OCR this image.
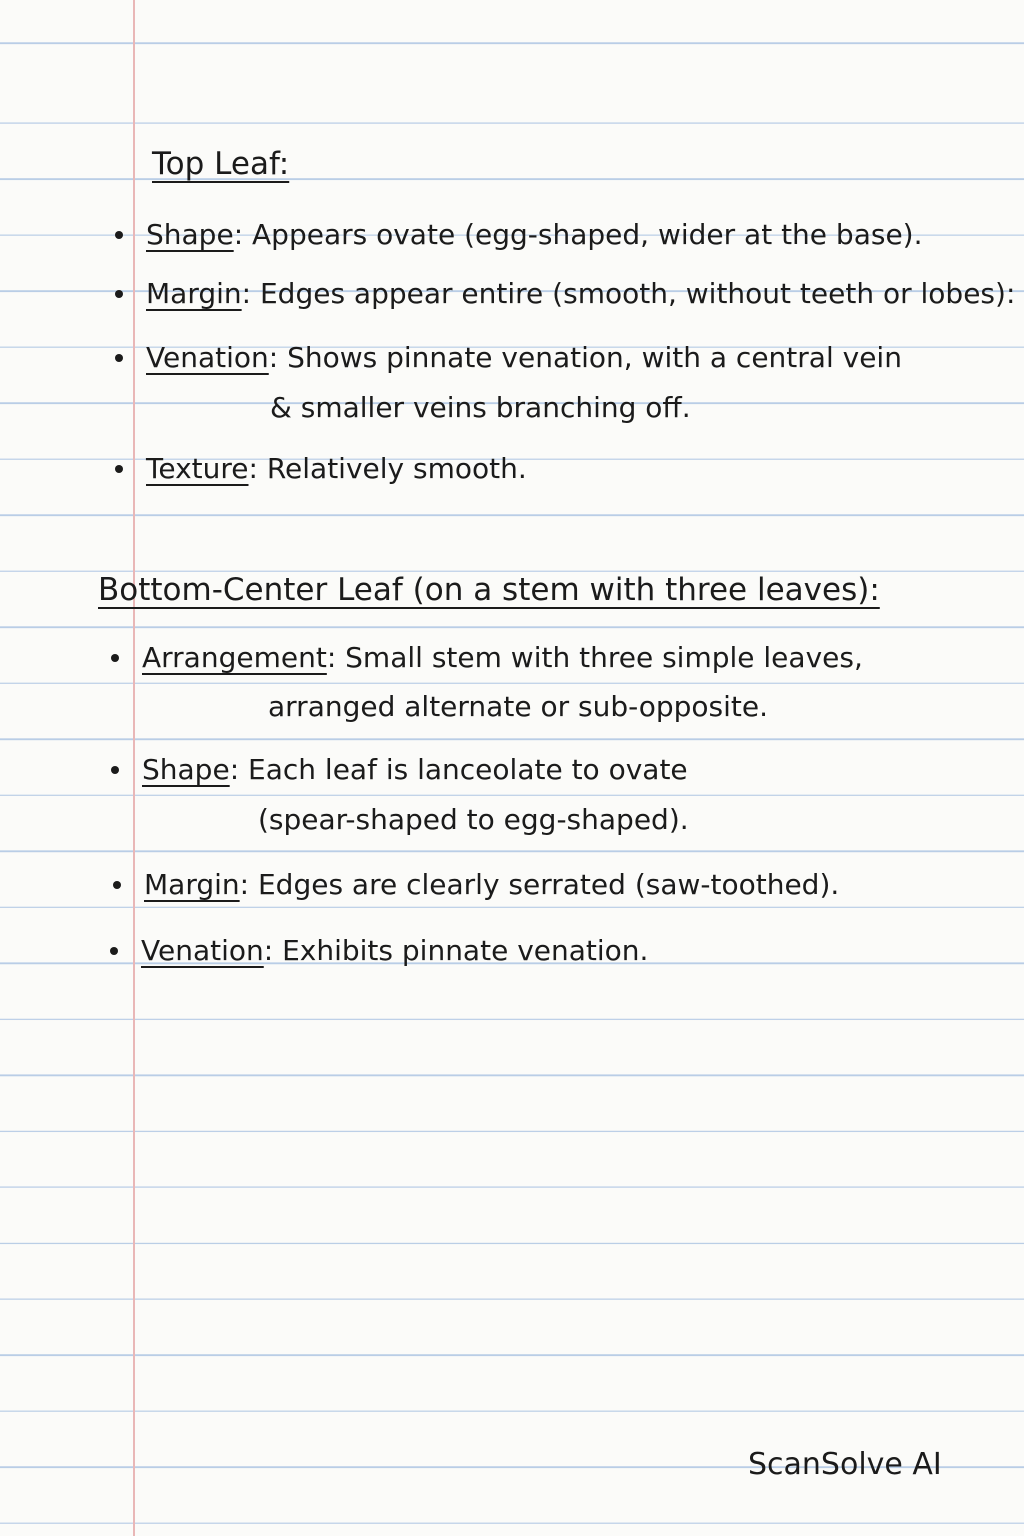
Top Leaf:
Shape: Appears ovate (egg-shaped, wider at the base).
Margin: Edges appear entire (smooth, without teeth or lobes):
Venation: Shows pinnate venation, with a central vein
& smaller veins branching off.
Texture: Relatively smooth.
Bottom-Center Leaf (on a stem with three leaves):
Arrangement: Small stem with three simple leaves,
arranged alternate or sub-opposite.
Shape: Each leaf is lanceolate to ovate
(spear-shaped to egg-shaped).
Margin: Edges are clearly serrated (saw-toothed).
Venation: Exhibits pinnate venation.
ScanSolve AI
